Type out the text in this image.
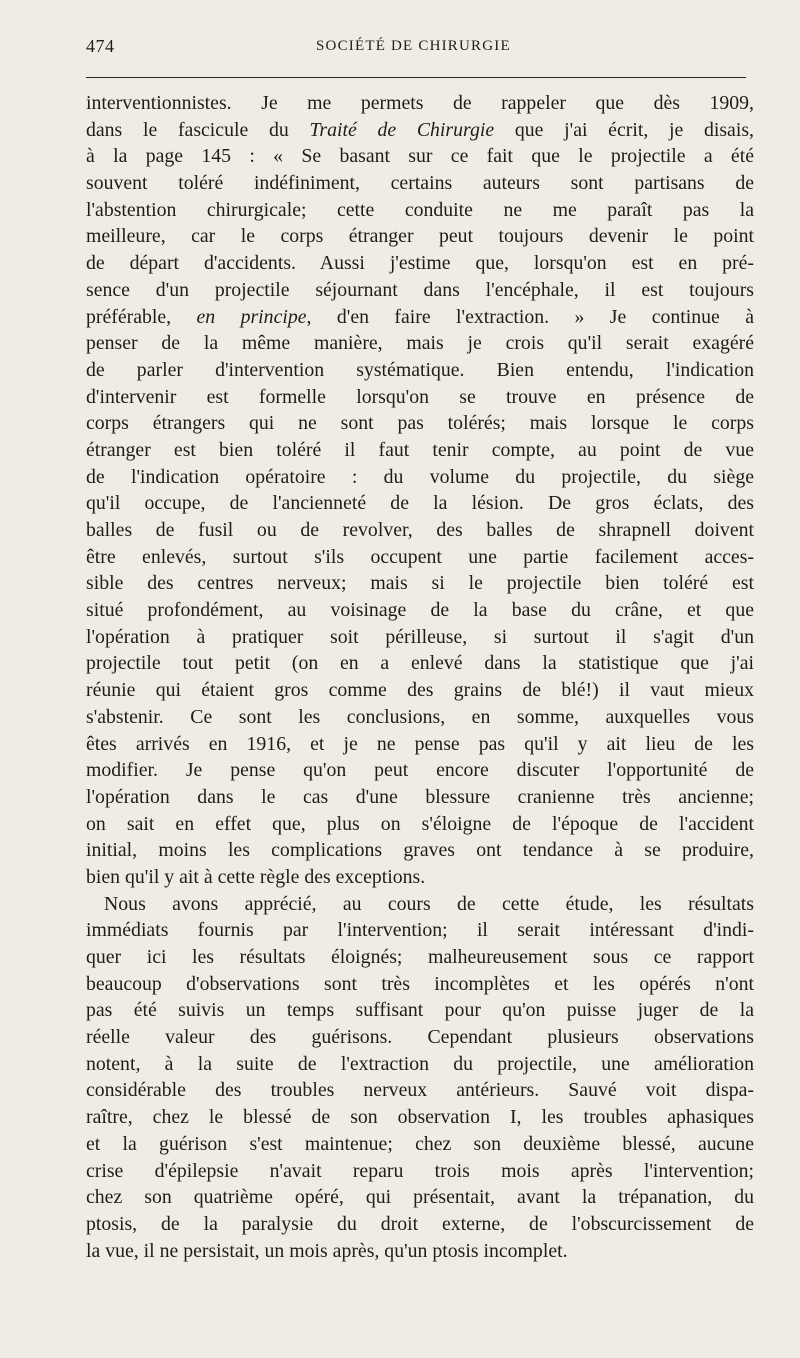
474	SOCIÉTÉ DE CHIRURGIE
interventionnistes. Je me permets de rappeler que dès 1909,
dans le fascicule du Traité de Chirurgie que j'ai écrit, je disais,
à la page 145 : « Se basant sur ce fait que le projectile a été
souvent toléré indéfiniment, certains auteurs sont partisans de
l'abstention chirurgicale; cette conduite ne me paraît pas la
meilleure, car le corps étranger peut toujours devenir le point
de départ d'accidents. Aussi j'estime que, lorsqu'on est en pré-
sence d'un projectile séjournant dans l'encéphale, il est toujours
préférable, en principe, d'en faire l'extraction. » Je continue à
penser de la même manière, mais je crois qu'il serait exagéré
de parler d'intervention systématique. Bien entendu, l'indication
d'intervenir est formelle lorsqu'on se trouve en présence de
corps étrangers qui ne sont pas tolérés; mais lorsque le corps
étranger est bien toléré il faut tenir compte, au point de vue
de l'indication opératoire : du volume du projectile, du siège
qu'il occupe, de l'ancienneté de la lésion. De gros éclats, des
balles de fusil ou de revolver, des balles de shrapnell doivent
être enlevés, surtout s'ils occupent une partie facilement acces-
sible des centres nerveux; mais si le projectile bien toléré est
situé profondément, au voisinage de la base du crâne, et que
l'opération à pratiquer soit périlleuse, si surtout il s'agit d'un
projectile tout petit (on en a enlevé dans la statistique que j'ai
réunie qui étaient gros comme des grains de blé!) il vaut mieux
s'abstenir. Ce sont les conclusions, en somme, auxquelles vous
êtes arrivés en 1916, et je ne pense pas qu'il y ait lieu de les
modifier. Je pense qu'on peut encore discuter l'opportunité de
l'opération dans le cas d'une blessure cranienne très ancienne;
on sait en effet que, plus on s'éloigne de l'époque de l'accident
initial, moins les complications graves ont tendance à se produire,
bien qu'il y ait à cette règle des exceptions.
Nous avons apprécié, au cours de cette étude, les résultats
immédiats fournis par l'intervention; il serait intéressant d'indi-
quer ici les résultats éloignés; malheureusement sous ce rapport
beaucoup d'observations sont très incomplètes et les opérés n'ont
pas été suivis un temps suffisant pour qu'on puisse juger de la
réelle valeur des guérisons. Cependant plusieurs observations
notent, à la suite de l'extraction du projectile, une amélioration
considérable des troubles nerveux antérieurs. Sauvé voit dispa-
raître, chez le blessé de son observation I, les troubles aphasiques
et la guérison s'est maintenue; chez son deuxième blessé, aucune
crise d'épilepsie n'avait reparu trois mois après l'intervention;
chez son quatrième opéré, qui présentait, avant la trépanation, du
ptosis, de la paralysie du droit externe, de l'obscurcissement de
la vue, il ne persistait, un mois après, qu'un ptosis incomplet.
